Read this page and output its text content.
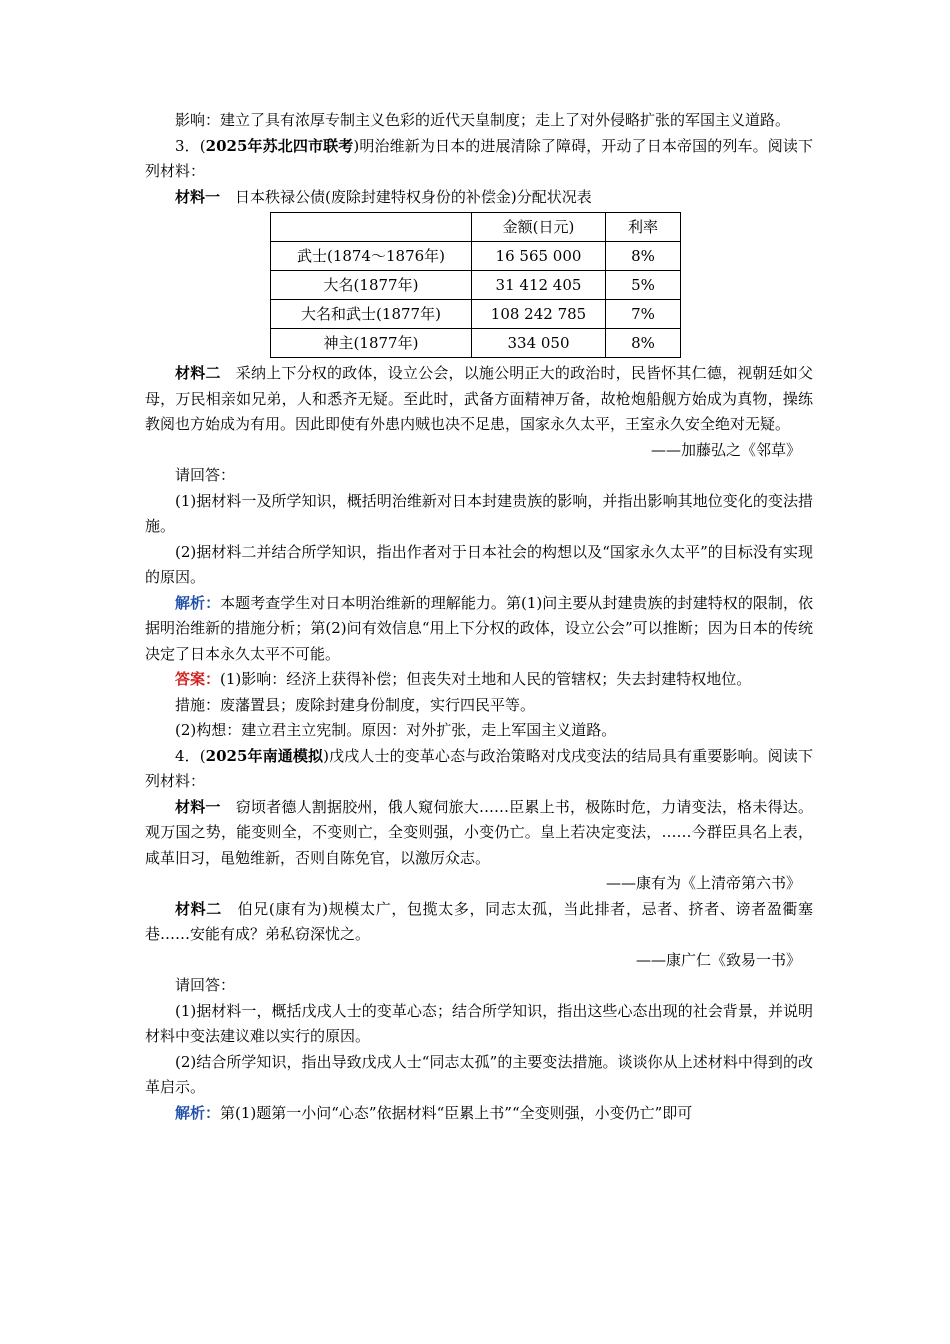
影响：建立了具有浓厚专制主义色彩的近代天皇制度；走上了对外侵略扩张的军国主义道路。

3．(2025年苏北四市联考)明治维新为日本的进展清除了障碍，开动了日本帝国的列车。阅读下列材料：

材料一　日本秩禄公债(废除封建特权身份的补偿金)分配状况表

	金额(日元)	利率
武士(1874～1876年)	16 565 000	8%
大名(1877年)	31 412 405	5%
大名和武士(1877年)	108 242 785	7%
神主(1877年)	334 050	8%

材料二　采纳上下分权的政体，设立公会，以施公明正大的政治时，民皆怀其仁德，视朝廷如父母，万民相亲如兄弟，人和悉齐无疑。至此时，武备方面精神万备，故枪炮船舰方始成为真物，操练教阅也方始成为有用。因此即使有外患内贼也决不足患，国家永久太平，王室永久安全绝对无疑。

——加藤弘之《邻草》

请回答：

(1)据材料一及所学知识，概括明治维新对日本封建贵族的影响，并指出影响其地位变化的变法措施。

(2)据材料二并结合所学知识，指出作者对于日本社会的构想以及“国家永久太平”的目标没有实现的原因。

解析：本题考查学生对日本明治维新的理解能力。第(1)问主要从封建贵族的封建特权的限制，依据明治维新的措施分析；第(2)问有效信息“用上下分权的政体，设立公会”可以推断；因为日本的传统决定了日本永久太平不可能。

答案：(1)影响：经济上获得补偿；但丧失对土地和人民的管辖权；失去封建特权地位。

措施：废藩置县；废除封建身份制度，实行四民平等。

(2)构想：建立君主立宪制。原因：对外扩张，走上军国主义道路。

4．(2025年南通模拟)戊戌人士的变革心态与政治策略对戊戌变法的结局具有重要影响。阅读下列材料：

材料一　窃顷者德人割据胶州，俄人窥伺旅大……臣累上书，极陈时危，力请变法，格未得达。观万国之势，能变则全，不变则亡，全变则强，小变仍亡。皇上若决定变法，……今群臣具名上表，咸革旧习，黾勉维新，否则自陈免官，以激厉众志。

——康有为《上清帝第六书》

材料二　伯兄(康有为)规模太广，包揽太多，同志太孤，当此排者，忌者、挤者、谤者盈衢塞巷……安能有成？弟私窃深忧之。

——康广仁《致易一书》

请回答：

(1)据材料一，概括戊戌人士的变革心态；结合所学知识，指出这些心态出现的社会背景，并说明材料中变法建议难以实行的原因。

(2)结合所学知识，指出导致戊戌人士“同志太孤”的主要变法措施。谈谈你从上述材料中得到的改革启示。

解析：第(1)题第一小问“心态”依据材料“臣累上书”“全变则强，小变仍亡”即可
